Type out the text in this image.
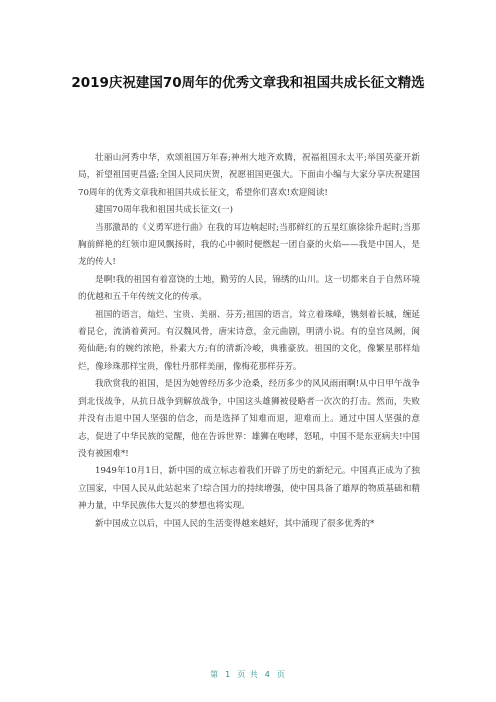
2019庆祝建国70周年的优秀文章我和祖国共成长征文精选

壮丽山河秀中华，欢颂祖国万年春;神州大地齐欢腾，祝福祖国永太平;举国英豪开新局，祈望祖国更昌盛;全国人民同庆贺，祝愿祖国更强大。下面由小编与大家分享庆祝建国70周年的优秀文章我和祖国共成长征文，希望你们喜欢!欢迎阅读!

建国70周年我和祖国共成长征文(一)

当那激昂的《义勇军进行曲》在我的耳边响起时;当那鲜红的五星红旗徐徐升起时;当那胸前鲜艳的红领巾迎风飘扬时，我的心中顿时便燃起一团自豪的火焰——我是中国人，是龙的传人!

是啊!我的祖国有着富饶的土地，勤劳的人民，锦绣的山川。这一切都来自于自然环境的优越和五千年传统文化的传承。

祖国的语言，灿烂、宝贵、美丽、芬芳;祖国的语言，耸立着珠峰，镌刻着长城，缠延着昆仑，流淌着黄河。有汉魏风骨，唐宋诗意，金元曲剧，明清小说。有的皇宫凤阙，阆苑仙葩;有的婉约浓艳，朴素大方;有的清新冷峻，典雅豪放。祖国的文化，像繁星那样灿烂，像珍珠那样宝贵，像牡丹那样美丽，像梅花那样芬芳。

我欣赏我的祖国，是因为她曾经历多少沧桑，经历多少的风风雨雨啊!从中日甲午战争到北伐战争，从抗日战争到解放战争，中国这头雄狮被侵略者一次次的打击。然而，失败并没有击退中国人坚强的信念，而是选择了知难而退，迎难而上。通过中国人坚强的意志，促进了中华民族的觉醒，他在告诉世界：雄狮在咆哮，怒吼，中国不是东亚病夫!中国没有被困难*!

1949年10月1日，新中国的成立标志着我们开辟了历史的新纪元。中国真正成为了独立国家，中国人民从此站起来了!综合国力的持续增强，使中国具备了雄厚的物质基础和精神力量，中华民族伟大复兴的梦想也将实现。

新中国成立以后，中国人民的生活变得越来越好，其中涌现了很多优秀的*

第 1 页 共 4 页
